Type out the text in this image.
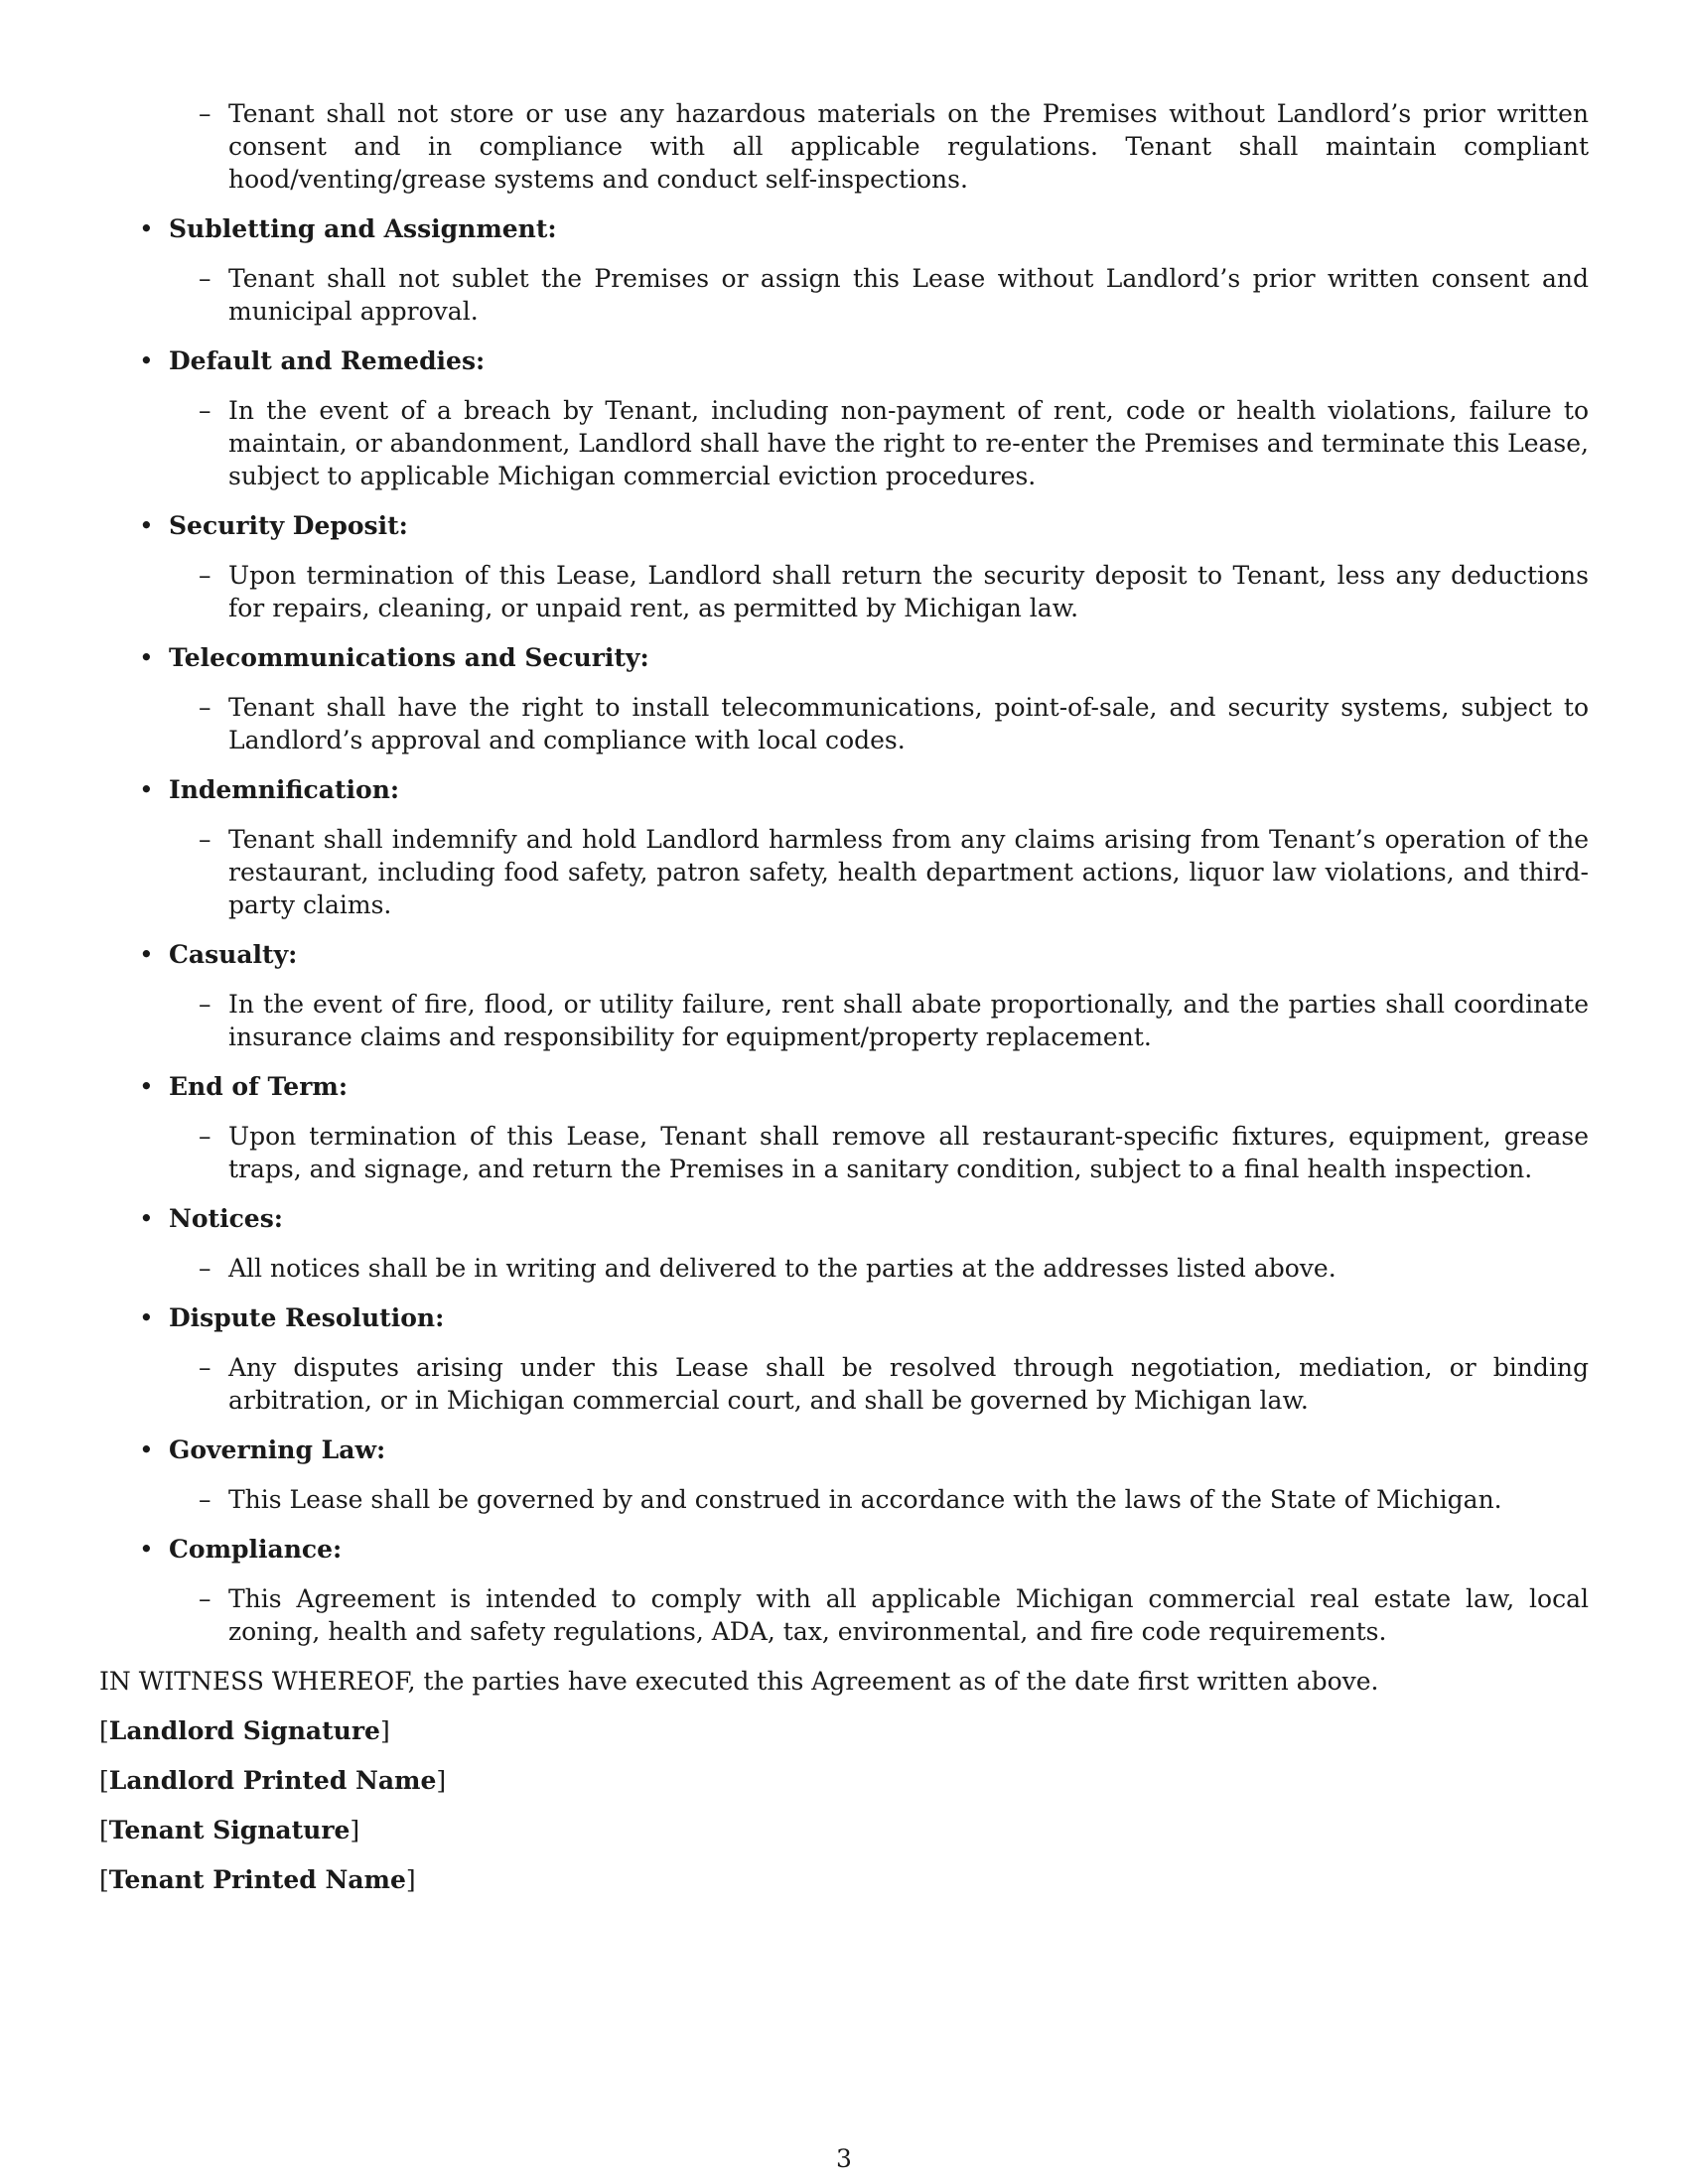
– Tenant shall not store or use any hazardous materials on the Premises without Landlord’s prior written consent and in compliance with all applicable regulations. Tenant shall maintain compliant hood/venting/grease systems and conduct self-inspections.
• Subletting and Assignment:
– Tenant shall not sublet the Premises or assign this Lease without Landlord’s prior written consent and municipal approval.
• Default and Remedies:
– In the event of a breach by Tenant, including non-payment of rent, code or health violations, failure to maintain, or abandonment, Landlord shall have the right to re-enter the Premises and terminate this Lease, subject to applicable Michigan commercial eviction procedures.
• Security Deposit:
– Upon termination of this Lease, Landlord shall return the security deposit to Tenant, less any deductions for repairs, cleaning, or unpaid rent, as permitted by Michigan law.
• Telecommunications and Security:
– Tenant shall have the right to install telecommunications, point-of-sale, and security systems, subject to Landlord’s approval and compliance with local codes.
• Indemnification:
– Tenant shall indemnify and hold Landlord harmless from any claims arising from Tenant’s operation of the restaurant, including food safety, patron safety, health department actions, liquor law violations, and third-party claims.
• Casualty:
– In the event of fire, flood, or utility failure, rent shall abate proportionally, and the parties shall coordinate insurance claims and responsibility for equipment/property replacement.
• End of Term:
– Upon termination of this Lease, Tenant shall remove all restaurant-specific fixtures, equipment, grease traps, and signage, and return the Premises in a sanitary condition, subject to a final health inspection.
• Notices:
– All notices shall be in writing and delivered to the parties at the addresses listed above.
• Dispute Resolution:
– Any disputes arising under this Lease shall be resolved through negotiation, mediation, or binding arbitration, or in Michigan commercial court, and shall be governed by Michigan law.
• Governing Law:
– This Lease shall be governed by and construed in accordance with the laws of the State of Michigan.
• Compliance:
– This Agreement is intended to comply with all applicable Michigan commercial real estate law, local zoning, health and safety regulations, ADA, tax, environmental, and fire code requirements.
IN WITNESS WHEREOF, the parties have executed this Agreement as of the date first written above.
[Landlord Signature]
[Landlord Printed Name]
[Tenant Signature]
[Tenant Printed Name]
3
